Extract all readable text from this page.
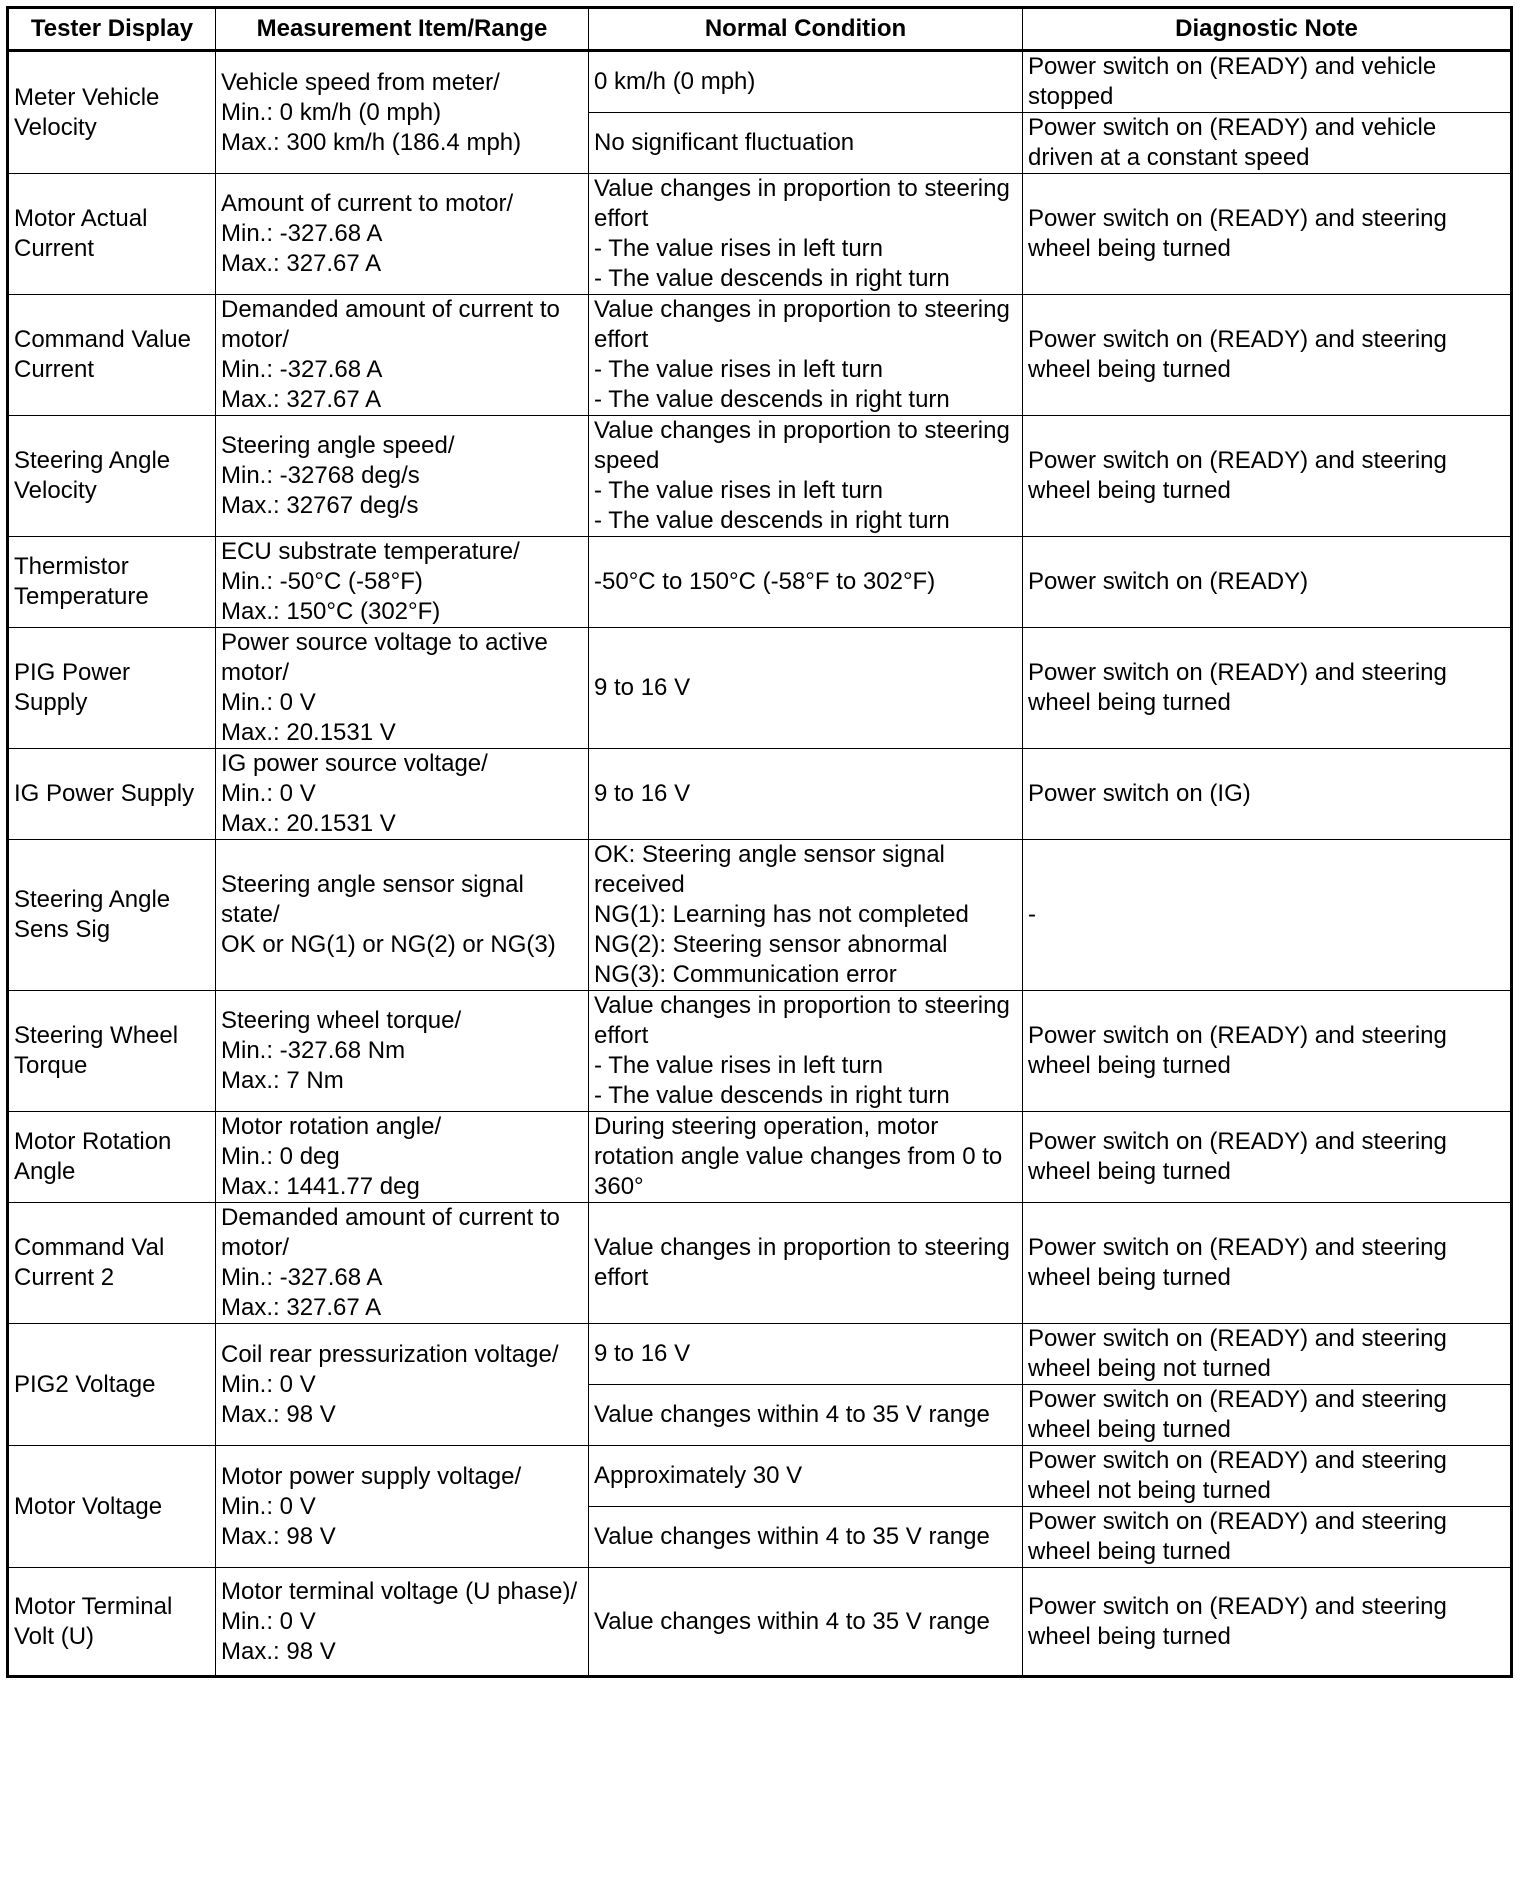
Tester Display	Measurement Item/Range	Normal Condition	Diagnostic Note
Meter Vehicle Velocity	Vehicle speed from meter/
Min.: 0 km/h (0 mph)
Max.: 300 km/h (186.4 mph)	0 km/h (0 mph)	Power switch on (READY) and vehicle stopped
		No significant fluctuation	Power switch on (READY) and vehicle driven at a constant speed
Motor Actual Current	Amount of current to motor/
Min.: -327.68 A
Max.: 327.67 A	Value changes in proportion to steering effort
- The value rises in left turn
- The value descends in right turn	Power switch on (READY) and steering wheel being turned
Command Value Current	Demanded amount of current to motor/
Min.: -327.68 A
Max.: 327.67 A	Value changes in proportion to steering effort
- The value rises in left turn
- The value descends in right turn	Power switch on (READY) and steering wheel being turned
Steering Angle Velocity	Steering angle speed/
Min.: -32768 deg/s
Max.: 32767 deg/s	Value changes in proportion to steering speed
- The value rises in left turn
- The value descends in right turn	Power switch on (READY) and steering wheel being turned
Thermistor Temperature	ECU substrate temperature/
Min.: -50°C (-58°F)
Max.: 150°C (302°F)	-50°C to 150°C (-58°F to 302°F)	Power switch on (READY)
PIG Power Supply	Power source voltage to active motor/
Min.: 0 V
Max.: 20.1531 V	9 to 16 V	Power switch on (READY) and steering wheel being turned
IG Power Supply	IG power source voltage/
Min.: 0 V
Max.: 20.1531 V	9 to 16 V	Power switch on (IG)
Steering Angle Sens Sig	Steering angle sensor signal state/
OK or NG(1) or NG(2) or NG(3)	OK: Steering angle sensor signal received
NG(1): Learning has not completed
NG(2): Steering sensor abnormal
NG(3): Communication error	-
Steering Wheel Torque	Steering wheel torque/
Min.: -327.68 Nm
Max.: 7 Nm	Value changes in proportion to steering effort
- The value rises in left turn
- The value descends in right turn	Power switch on (READY) and steering wheel being turned
Motor Rotation Angle	Motor rotation angle/
Min.: 0 deg
Max.: 1441.77 deg	During steering operation, motor rotation angle value changes from 0 to 360°	Power switch on (READY) and steering wheel being turned
Command Val Current 2	Demanded amount of current to motor/
Min.: -327.68 A
Max.: 327.67 A	Value changes in proportion to steering effort	Power switch on (READY) and steering wheel being turned
PIG2 Voltage	Coil rear pressurization voltage/
Min.: 0 V
Max.: 98 V	9 to 16 V	Power switch on (READY) and steering wheel being not turned
		Value changes within 4 to 35 V range	Power switch on (READY) and steering wheel being turned
Motor Voltage	Motor power supply voltage/
Min.: 0 V
Max.: 98 V	Approximately 30 V	Power switch on (READY) and steering wheel not being turned
		Value changes within 4 to 35 V range	Power switch on (READY) and steering wheel being turned
Motor Terminal Volt (U)	Motor terminal voltage (U phase)/
Min.: 0 V
Max.: 98 V	Value changes within 4 to 35 V range	Power switch on (READY) and steering wheel being turned
